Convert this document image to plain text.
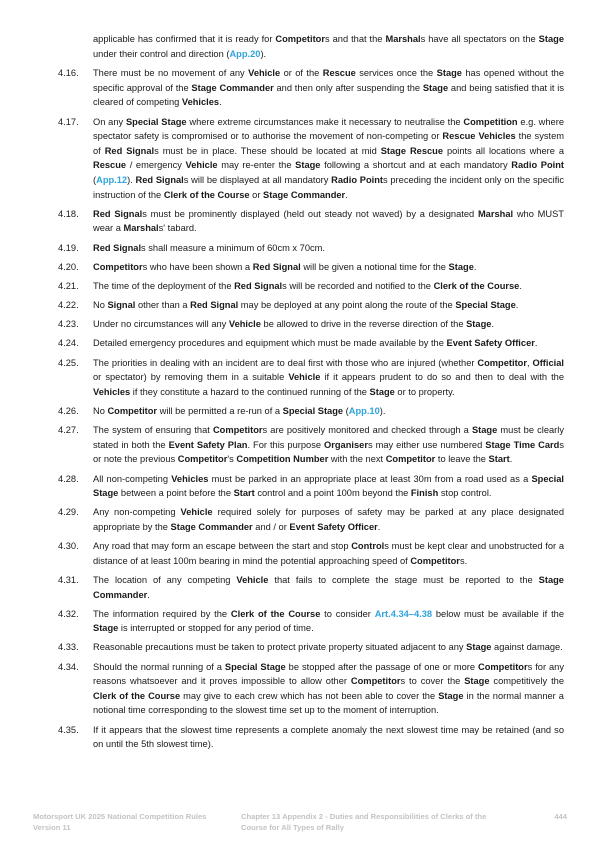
applicable has confirmed that it is ready for Competitors and that the Marshals have all spectators on the Stage under their control and direction (App.20).
4.16.	There must be no movement of any Vehicle or of the Rescue services once the Stage has opened without the specific approval of the Stage Commander and then only after suspending the Stage and being satisfied that it is cleared of competing Vehicles.
4.17.	On any Special Stage where extreme circumstances make it necessary to neutralise the Competition e.g. where spectator safety is compromised or to authorise the movement of non-competing or Rescue Vehicles the system of Red Signals must be in place. These should be located at mid Stage Rescue points all locations where a Rescue / emergency Vehicle may re-enter the Stage following a shortcut and at each mandatory Radio Point (App.12). Red Signals will be displayed at all mandatory Radio Points preceding the incident only on the specific instruction of the Clerk of the Course or Stage Commander.
4.18.	Red Signals must be prominently displayed (held out steady not waved) by a designated Marshal who MUST wear a Marshals' tabard.
4.19.	Red Signals shall measure a minimum of 60cm x 70cm.
4.20.	Competitors who have been shown a Red Signal will be given a notional time for the Stage.
4.21.	The time of the deployment of the Red Signals will be recorded and notified to the Clerk of the Course.
4.22.	No Signal other than a Red Signal may be deployed at any point along the route of the Special Stage.
4.23.	Under no circumstances will any Vehicle be allowed to drive in the reverse direction of the Stage.
4.24.	Detailed emergency procedures and equipment which must be made available by the Event Safety Officer.
4.25.	The priorities in dealing with an incident are to deal first with those who are injured (whether Competitor, Official or spectator) by removing them in a suitable Vehicle if it appears prudent to do so and then to deal with the Vehicles if they constitute a hazard to the continued running of the Stage or to property.
4.26.	No Competitor will be permitted a re-run of a Special Stage (App.10).
4.27.	The system of ensuring that Competitors are positively monitored and checked through a Stage must be clearly stated in both the Event Safety Plan. For this purpose Organisers may either use numbered Stage Time Cards or note the previous Competitor's Competition Number with the next Competitor to leave the Start.
4.28.	All non-competing Vehicles must be parked in an appropriate place at least 30m from a road used as a Special Stage between a point before the Start control and a point 100m beyond the Finish stop control.
4.29.	Any non-competing Vehicle required solely for purposes of safety may be parked at any place designated appropriate by the Stage Commander and / or Event Safety Officer.
4.30.	Any road that may form an escape between the start and stop Controls must be kept clear and unobstructed for a distance of at least 100m bearing in mind the potential approaching speed of Competitors.
4.31.	The location of any competing Vehicle that fails to complete the stage must be reported to the Stage Commander.
4.32.	The information required by the Clerk of the Course to consider Art.4.34–4.38 below must be available if the Stage is interrupted or stopped for any period of time.
4.33.	Reasonable precautions must be taken to protect private property situated adjacent to any Stage against damage.
4.34.	Should the normal running of a Special Stage be stopped after the passage of one or more Competitors for any reasons whatsoever and it proves impossible to allow other Competitors to cover the Stage competitively the Clerk of the Course may give to each crew which has not been able to cover the Stage in the normal manner a notional time corresponding to the slowest time set up to the moment of interruption.
4.35.	If it appears that the slowest time represents a complete anomaly the next slowest time may be retained (and so on until the 5th slowest time).
Motorsport UK 2025 National Competition Rules
Version 11
Chapter 13 Appendix 2 - Duties and Responsibilities of Clerks of the
Course for All Types of Rally
444
